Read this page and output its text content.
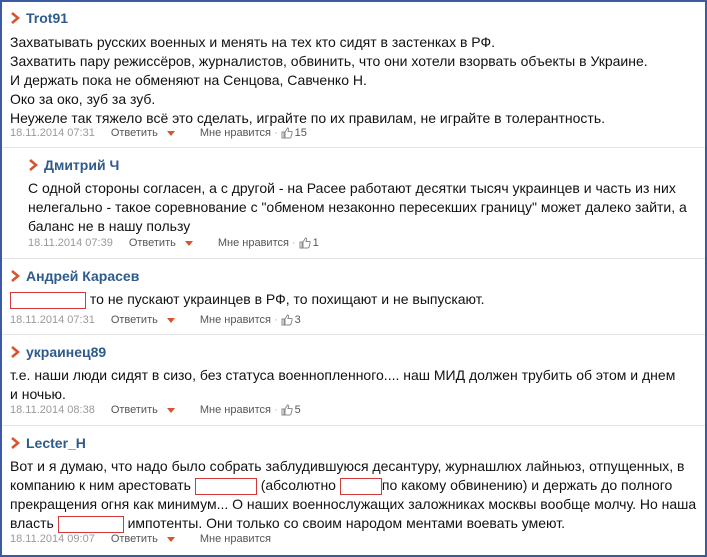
Trot91
Захватывать русских военных и менять на тех кто сидят в застенках в РФ.
Захватить пару режиссёров, журналистов, обвинить, что они хотели взорвать объекты в Украине.
И держать пока не обменяют на Сенцова, Савченко Н.
Око за око, зуб за зуб.
Неужеле так тяжело всё это сделать, играйте по их правилам, не играйте в толерантность.
18.11.2014 07:31 Ответить	Мне нравится · 15
Дмитрий Ч
С одной стороны согласен, а с другой - на Расее работают десятки тысяч украинцев и часть из них
нелегально - такое соревнование с "обменом незаконно пересекших границу" может далеко зайти, а
баланс не в нашу пользу
18.11.2014 07:39 Ответить	Мне нравится · 1
Андрей Карасев
то не пускают украинцев в РФ, то похищают и не выпускают.
18.11.2014 07:31 Ответить	Мне нравится · 3
украинец89
т.е. наши люди сидят в сизо, без статуса военнопленного.... наш МИД должен трубить об этом и днем
и ночью.
18.11.2014 08:38 Ответить	Мне нравится · 5
Lecter_H
Вот и я думаю, что надо было собрать заблудившуюся десантуру, журнашлюх лайньюз, отпущенных, в
компанию к ним арестовать	(абсолютно	по какому обвинению) и держать до полного
прекращения огня как минимум... О наших военнослужащих заложниках москвы вообще молчу. Но наша
власть	импотенты. Они только со своим народом ментами воевать умеют.
18.11.2014 09:07 Ответить	Мне нравится
